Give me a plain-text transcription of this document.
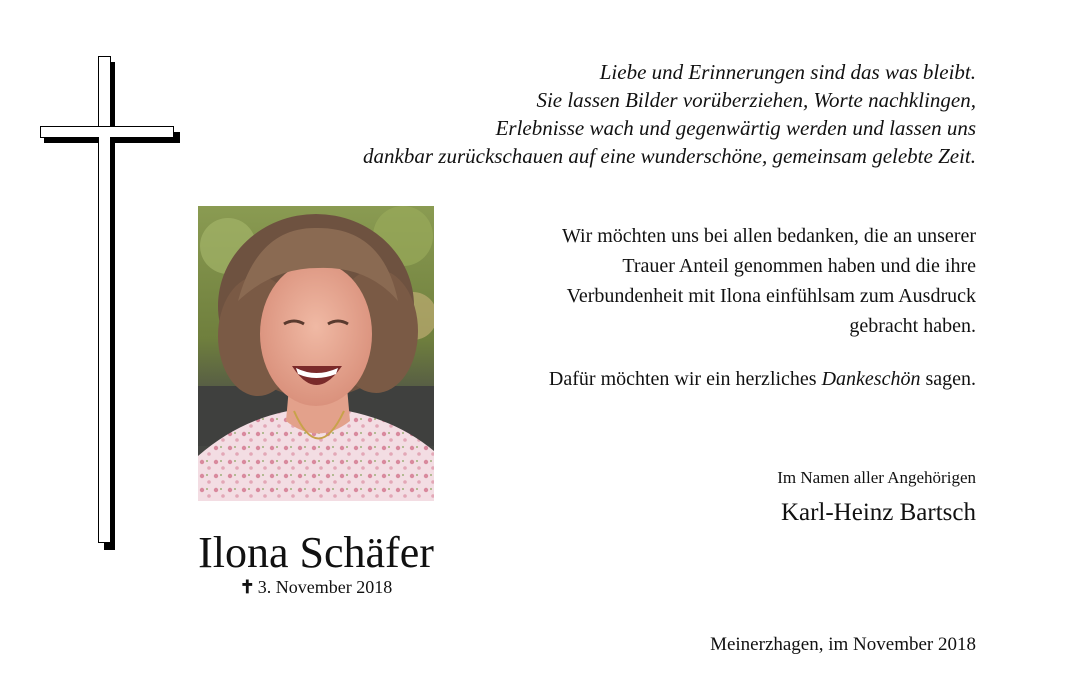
Liebe und Erinnerungen sind das was bleibt.
Sie lassen Bilder vorüberziehen, Worte nachklingen,
Erlebnisse wach und gegenwärtig werden und lassen uns
dankbar zurückschauen auf eine wunderschöne, gemeinsam gelebte Zeit.
Ilona Schäfer
✝ 3. November 2018
Wir möchten uns bei allen bedanken, die an unserer
Trauer Anteil genommen haben und die ihre
Verbundenheit mit Ilona einfühlsam zum Ausdruck
gebracht haben.
Dafür möchten wir ein herzliches Dankeschön sagen.
Im Namen aller Angehörigen
Karl-Heinz Bartsch
Meinerzhagen, im November 2018
